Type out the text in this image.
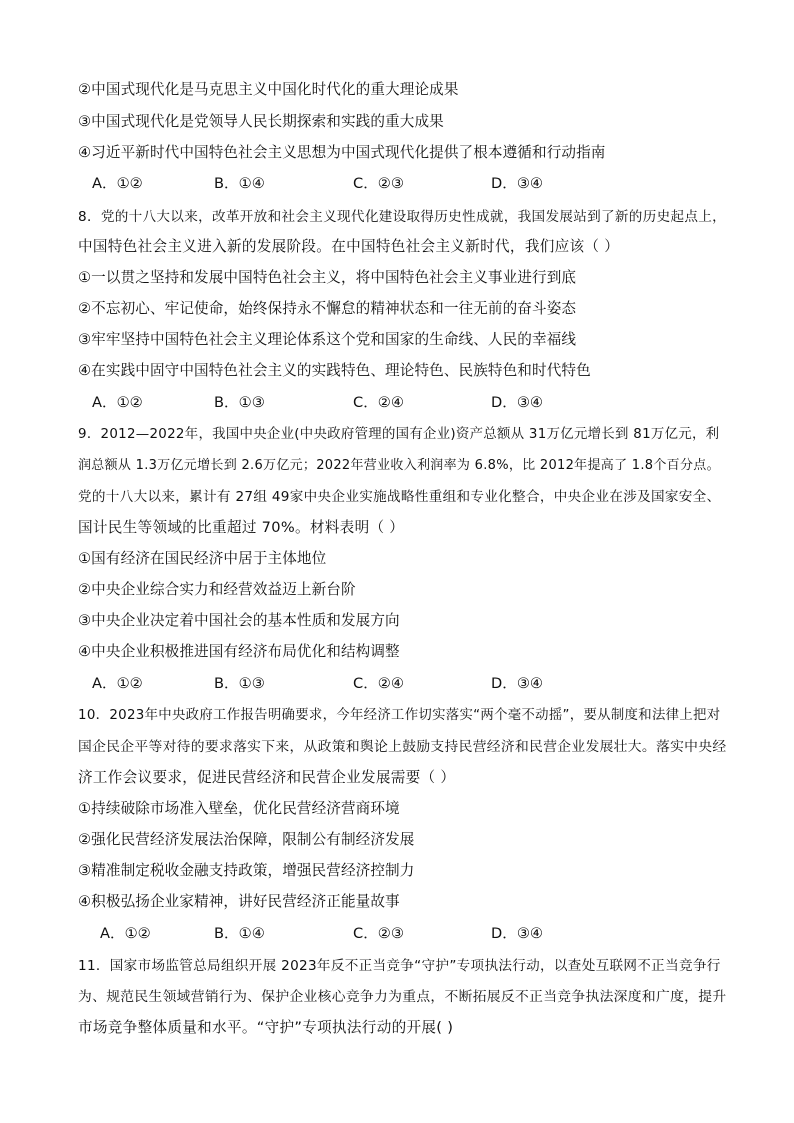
②中国式现代化是马克思主义中国化时代化的重大理论成果
③中国式现代化是党领导人民长期探索和实践的重大成果
④习近平新时代中国特色社会主义思想为中国式现代化提供了根本遵循和行动指南
A．①②	B．①④	C．②③	D．③④
8．党的十八大以来，改革开放和社会主义现代化建设取得历史性成就，我国发展站到了新的历史起点上，
中国特色社会主义进入新的发展阶段。在中国特色社会主义新时代，我们应该（ ）
①一以贯之坚持和发展中国特色社会主义，将中国特色社会主义事业进行到底
②不忘初心、牢记使命，始终保持永不懈怠的精神状态和一往无前的奋斗姿态
③牢牢坚持中国特色社会主义理论体系这个党和国家的生命线、人民的幸福线
④在实践中固守中国特色社会主义的实践特色、理论特色、民族特色和时代特色
A．①②	B．①③	C．②④	D．③④
9．2012—2022年，我国中央企业(中央政府管理的国有企业)资产总额从 31万亿元增长到 81万亿元，利
润总额从 1.3万亿元增长到 2.6万亿元；2022年营业收入利润率为 6.8%，比 2012年提高了 1.8个百分点。
党的十八大以来，累计有 27组 49家中央企业实施战略性重组和专业化整合，中央企业在涉及国家安全、
国计民生等领域的比重超过 70%。材料表明（ ）
①国有经济在国民经济中居于主体地位
②中央企业综合实力和经营效益迈上新台阶
③中央企业决定着中国社会的基本性质和发展方向
④中央企业积极推进国有经济布局优化和结构调整
A．①②	B．①③	C．②④	D．③④
10．2023年中央政府工作报告明确要求，今年经济工作切实落实“两个毫不动摇”，要从制度和法律上把对
国企民企平等对待的要求落实下来，从政策和舆论上鼓励支持民营经济和民营企业发展壮大。落实中央经
济工作会议要求，促进民营经济和民营企业发展需要（ ）
①持续破除市场准入壁垒，优化民营经济营商环境
②强化民营经济发展法治保障，限制公有制经济发展
③精准制定税收金融支持政策，增强民营经济控制力
④积极弘扬企业家精神，讲好民营经济正能量故事
A．①②	B．①④	C．②③	D．③④
11．国家市场监管总局组织开展 2023年反不正当竞争“守护”专项执法行动，以查处互联网不正当竞争行
为、规范民生领域营销行为、保护企业核心竞争力为重点，不断拓展反不正当竞争执法深度和广度，提升
市场竞争整体质量和水平。“守护”专项执法行动的开展( )
